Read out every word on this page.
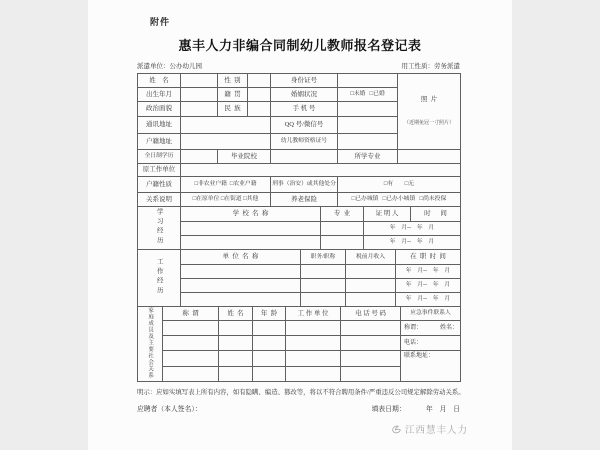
附件
惠丰人力非编合同制幼儿教师报名登记表
派遣单位：公办幼儿园	用工性质：劳务派遣
姓    名		性  别		身份证号		照  片

（近期免冠一寸照片）

出生年月		籍  贯		婚姻状况	□未婚   □已婚	
政治面貌		民  族		手 机 号		
通讯地址				QQ 号/微信号		
户籍地址				幼儿教师资格证号		
全日制学历		毕业院校			所学专业	
原工作单位						
户籍性质	□非农业户籍  □农业户籍			刑事（治安）或其他处分	□有        □无	
关系说明	□在原单位 □在街道 □其他			养老保险	□已办城镇   □已办小城镇   □尚未投保	
学习经历	学  校  名  称	专  业	证 明 人	时      间
			年    月--    年    月	
			年    月--    年    月	
工作经历	单  位  名  称	职务/职称	税前月收入	在  职  时  间
				年    月--    年    月
				年    月--    年    月
				年    月--    年    月
家庭成员及主要社会关系	称  谓	姓  名	年  龄	工 作 单 位	电 话 号 码	应急事件联系人
						称谓：            姓名：
						电话：
						联系地址：

明示：应如实填写表上所有内容，如有隐瞒、编造、篡改等，将以不符合聘用条件/严重违反公司规定解除劳动关系。
应聘者（本人签名）：	填表日期：            年    月    日
江西慧丰人力
